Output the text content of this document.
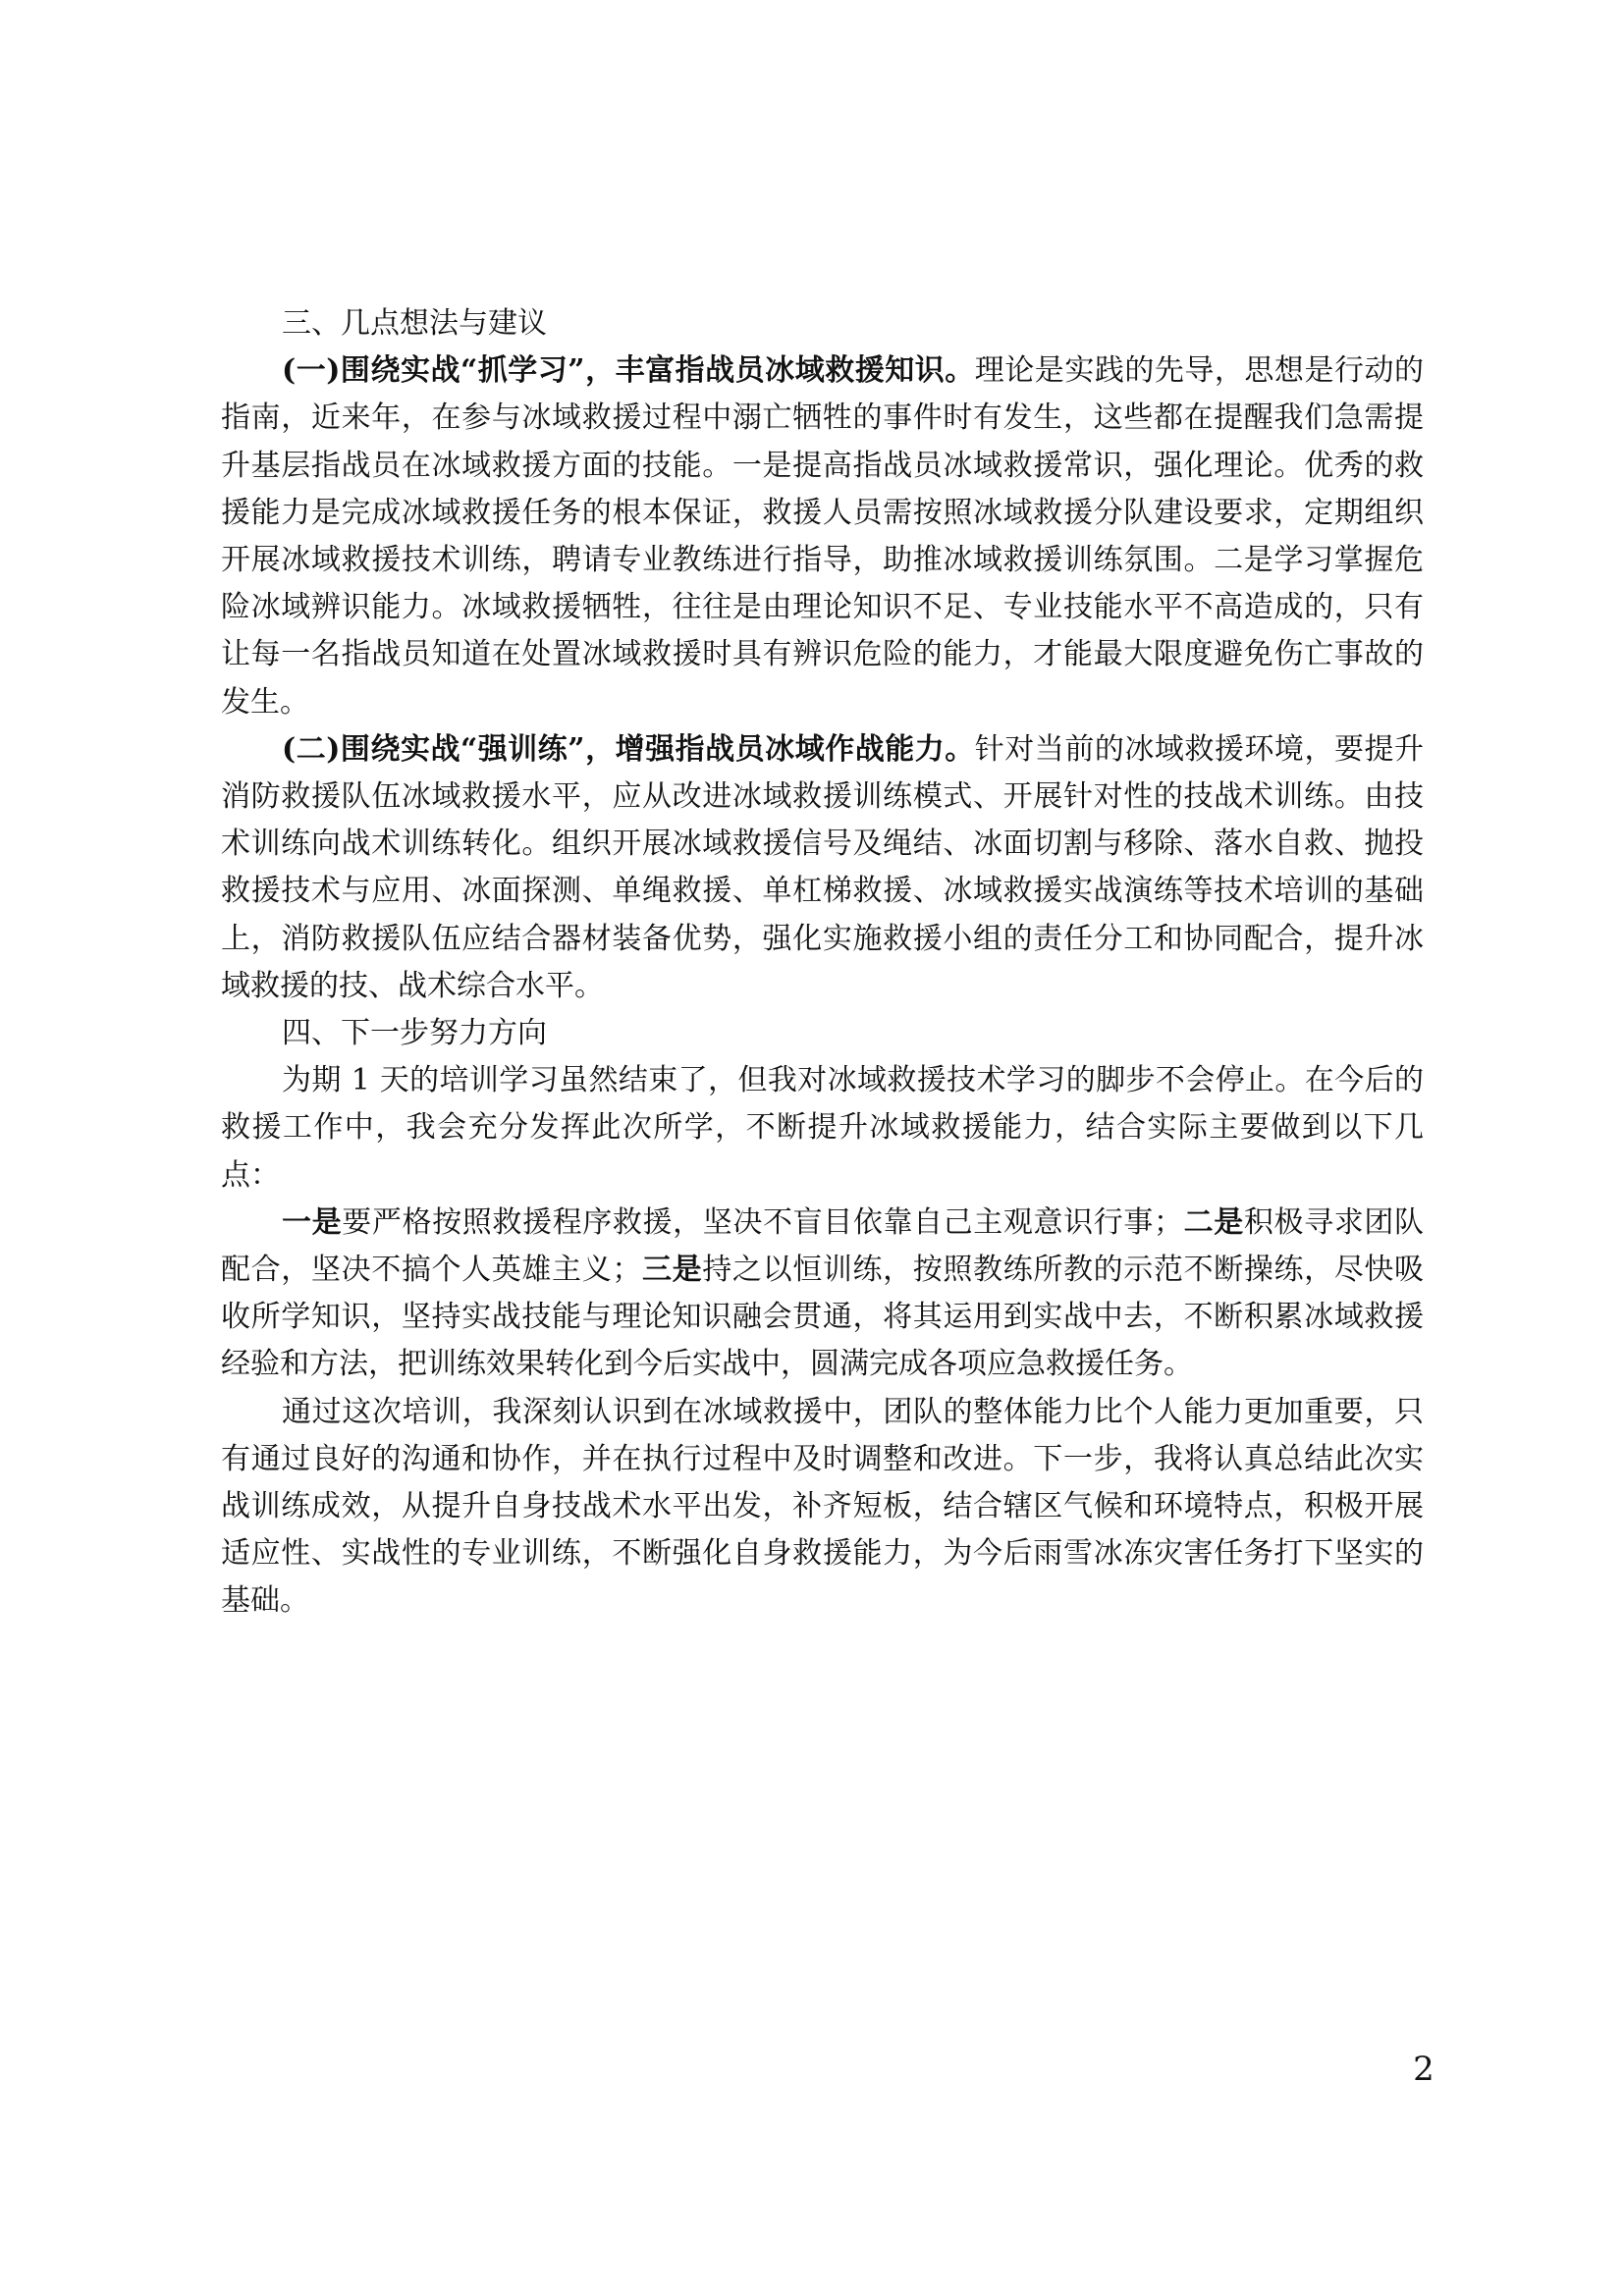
三、几点想法与建议

(一)围绕实战“抓学习”，丰富指战员冰域救援知识。理论是实践的先导，思想是行动的指南，近来年，在参与冰域救援过程中溺亡牺牲的事件时有发生，这些都在提醒我们急需提升基层指战员在冰域救援方面的技能。一是提高指战员冰域救援常识，强化理论。优秀的救援能力是完成冰域救援任务的根本保证，救援人员需按照冰域救援分队建设要求，定期组织开展冰域救援技术训练，聘请专业教练进行指导，助推冰域救援训练氛围。二是学习掌握危险冰域辨识能力。冰域救援牺牲，往往是由理论知识不足、专业技能水平不高造成的，只有让每一名指战员知道在处置冰域救援时具有辨识危险的能力，才能最大限度避免伤亡事故的发生。

(二)围绕实战“强训练”，增强指战员冰域作战能力。针对当前的冰域救援环境，要提升消防救援队伍冰域救援水平，应从改进冰域救援训练模式、开展针对性的技战术训练。由技术训练向战术训练转化。组织开展冰域救援信号及绳结、冰面切割与移除、落水自救、抛投救援技术与应用、冰面探测、单绳救援、单杠梯救援、冰域救援实战演练等技术培训的基础上，消防救援队伍应结合器材装备优势，强化实施救援小组的责任分工和协同配合，提升冰域救援的技、战术综合水平。

四、下一步努力方向

为期 1 天的培训学习虽然结束了，但我对冰域救援技术学习的脚步不会停止。在今后的救援工作中，我会充分发挥此次所学，不断提升冰域救援能力，结合实际主要做到以下几点：

一是要严格按照救援程序救援，坚决不盲目依靠自己主观意识行事；二是积极寻求团队配合，坚决不搞个人英雄主义；三是持之以恒训练，按照教练所教的示范不断操练，尽快吸收所学知识，坚持实战技能与理论知识融会贯通，将其运用到实战中去，不断积累冰域救援经验和方法，把训练效果转化到今后实战中，圆满完成各项应急救援任务。

通过这次培训，我深刻认识到在冰域救援中，团队的整体能力比个人能力更加重要，只有通过良好的沟通和协作，并在执行过程中及时调整和改进。下一步，我将认真总结此次实战训练成效，从提升自身技战术水平出发，补齐短板，结合辖区气候和环境特点，积极开展适应性、实战性的专业训练，不断强化自身救援能力，为今后雨雪冰冻灾害任务打下坚实的基础。

2
